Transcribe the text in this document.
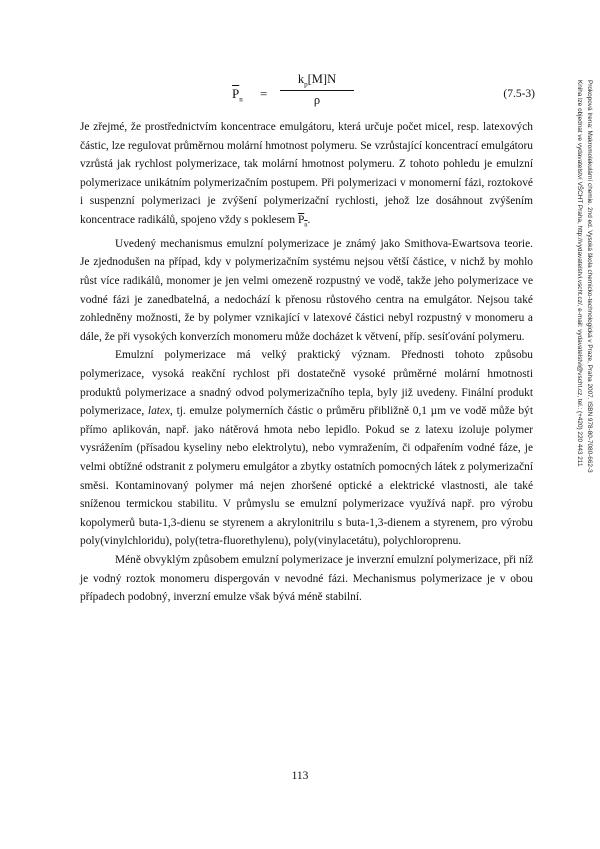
$\overline{P}_n$ =
$k_p[M]N$
ρ	(7.5-3)

Je zřejmé, že prostřednictvím koncentrace emulgátoru, která určuje počet micel, resp. latexových částic, lze regulovat průměrnou molární hmotnost polymeru. Se vzrůstající koncentrací emulgátoru vzrůstá jak rychlost polymerizace, tak molární hmotnost polymeru. Z tohoto pohledu je emulzní polymerizace unikátním polymerizačním postupem. Při polymerizaci v monomerní fázi, roztokové i suspenzní polymerizaci je zvýšení polymerizační rychlosti, jehož lze dosáhnout zvýšením koncentrace radikálů, spojeno vždy s poklesem $P_n$.

Uvedený mechanismus emulzní polymerizace je známý jako Smithova-Ewartsova teorie. Je zjednodušen na případ, kdy v polymerizačním systému nejsou větší částice, v nichž by mohlo růst více radikálů, monomer je jen velmi omezeně rozpustný ve vodě, takže jeho polymerizace ve vodné fázi je zanedbatelná, a nedochází k přenosu růstového centra na emulgátor. Nejsou také zohledněny možnosti, že by polymer vznikající v latexové částici nebyl rozpustný v monomeru a dále, že při vysokých konverzích monomeru může docházet k větvení, příp. sesíťování polymeru.

Emulzní polymerizace má velký praktický význam. Přednosti tohoto způsobu polymerizace, vysoká reakční rychlost při dostatečně vysoké průměrné molární hmotnosti produktů polymerizace a snadný odvod polymerizačního tepla, byly již uvedeny. Finální produkt polymerizace, latex, tj. emulze polymerních částic o průměru přibližně 0,1 µm ve vodě může být přímo aplikován, např. jako nátěrová hmota nebo lepidlo. Pokud se z latexu izoluje polymer vysrážením (přísadou kyseliny nebo elektrolytu), nebo vymražením, či odpařením vodné fáze, je velmi obtížné odstranit z polymeru emulgátor a zbytky ostatních pomocných látek z polymerizační směsi. Kontaminovaný polymer má nejen zhoršené optické a elektrické vlastnosti, ale také sníženou termickou stabilitu. V průmyslu se emulzní polymerizace využívá např. pro výrobu kopolymerů buta-1,3-dienu se styrenem a akrylonitrilu s buta-1,3-dienem a styrenem, pro výrobu poly(vinylchloridu), poly(tetra-fluorethylenu), poly(vinylacetátu), polychloroprenu.

Méně obvyklým způsobem emulzní polymerizace je inverzní emulzní polymerizace, při níž je vodný roztok monomeru dispergován v nevodné fázi. Mechanismus polymerizace je v obou případech podobný, inverzní emulze však bývá méně stabilní.

113
Prokopová Irena: Makromolekulární chemie. 2nd ed. Vysoká škola chemicko-technologická v Praze, Praha 2007. ISBN 978-80-7080-662-3
Kniha lze objednat ve vydavatelství VŠCHT Praha, http://vydavatelstvi.vscht.cz/, e-mail: vydavatelstvi@vscht.cz, tel.: (+420) 220 443 211
